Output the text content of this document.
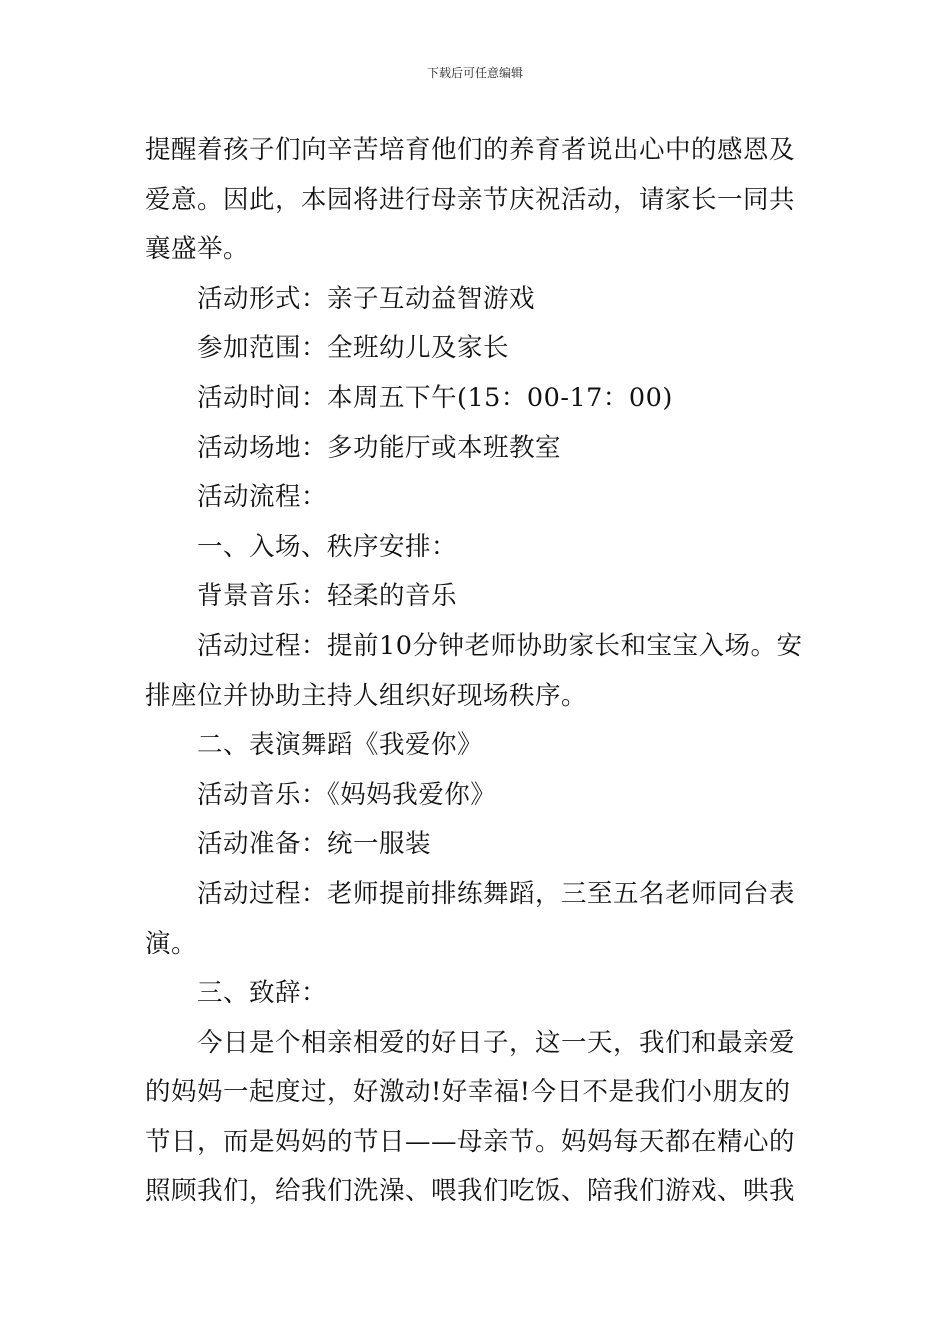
下载后可任意编辑
提醒着孩子们向辛苦培育他们的养育者说出心中的感恩及
爱意。因此，本园将进行母亲节庆祝活动，请家长一同共
襄盛举。
活动形式：亲子互动益智游戏
参加范围：全班幼儿及家长
活动时间：本周五下午(15：00-17：00)
活动场地：多功能厅或本班教室
活动流程：
一、入场、秩序安排：
背景音乐：轻柔的音乐
活动过程：提前10分钟老师协助家长和宝宝入场。安
排座位并协助主持人组织好现场秩序。
二、表演舞蹈《我爱你》
活动音乐：《妈妈我爱你》
活动准备：统一服装
活动过程：老师提前排练舞蹈，三至五名老师同台表
演。
三、致辞：
今日是个相亲相爱的好日子，这一天，我们和最亲爱
的妈妈一起度过，好激动!好幸福!今日不是我们小朋友的
节日，而是妈妈的节日——母亲节。妈妈每天都在精心的
照顾我们，给我们洗澡、喂我们吃饭、陪我们游戏、哄我
